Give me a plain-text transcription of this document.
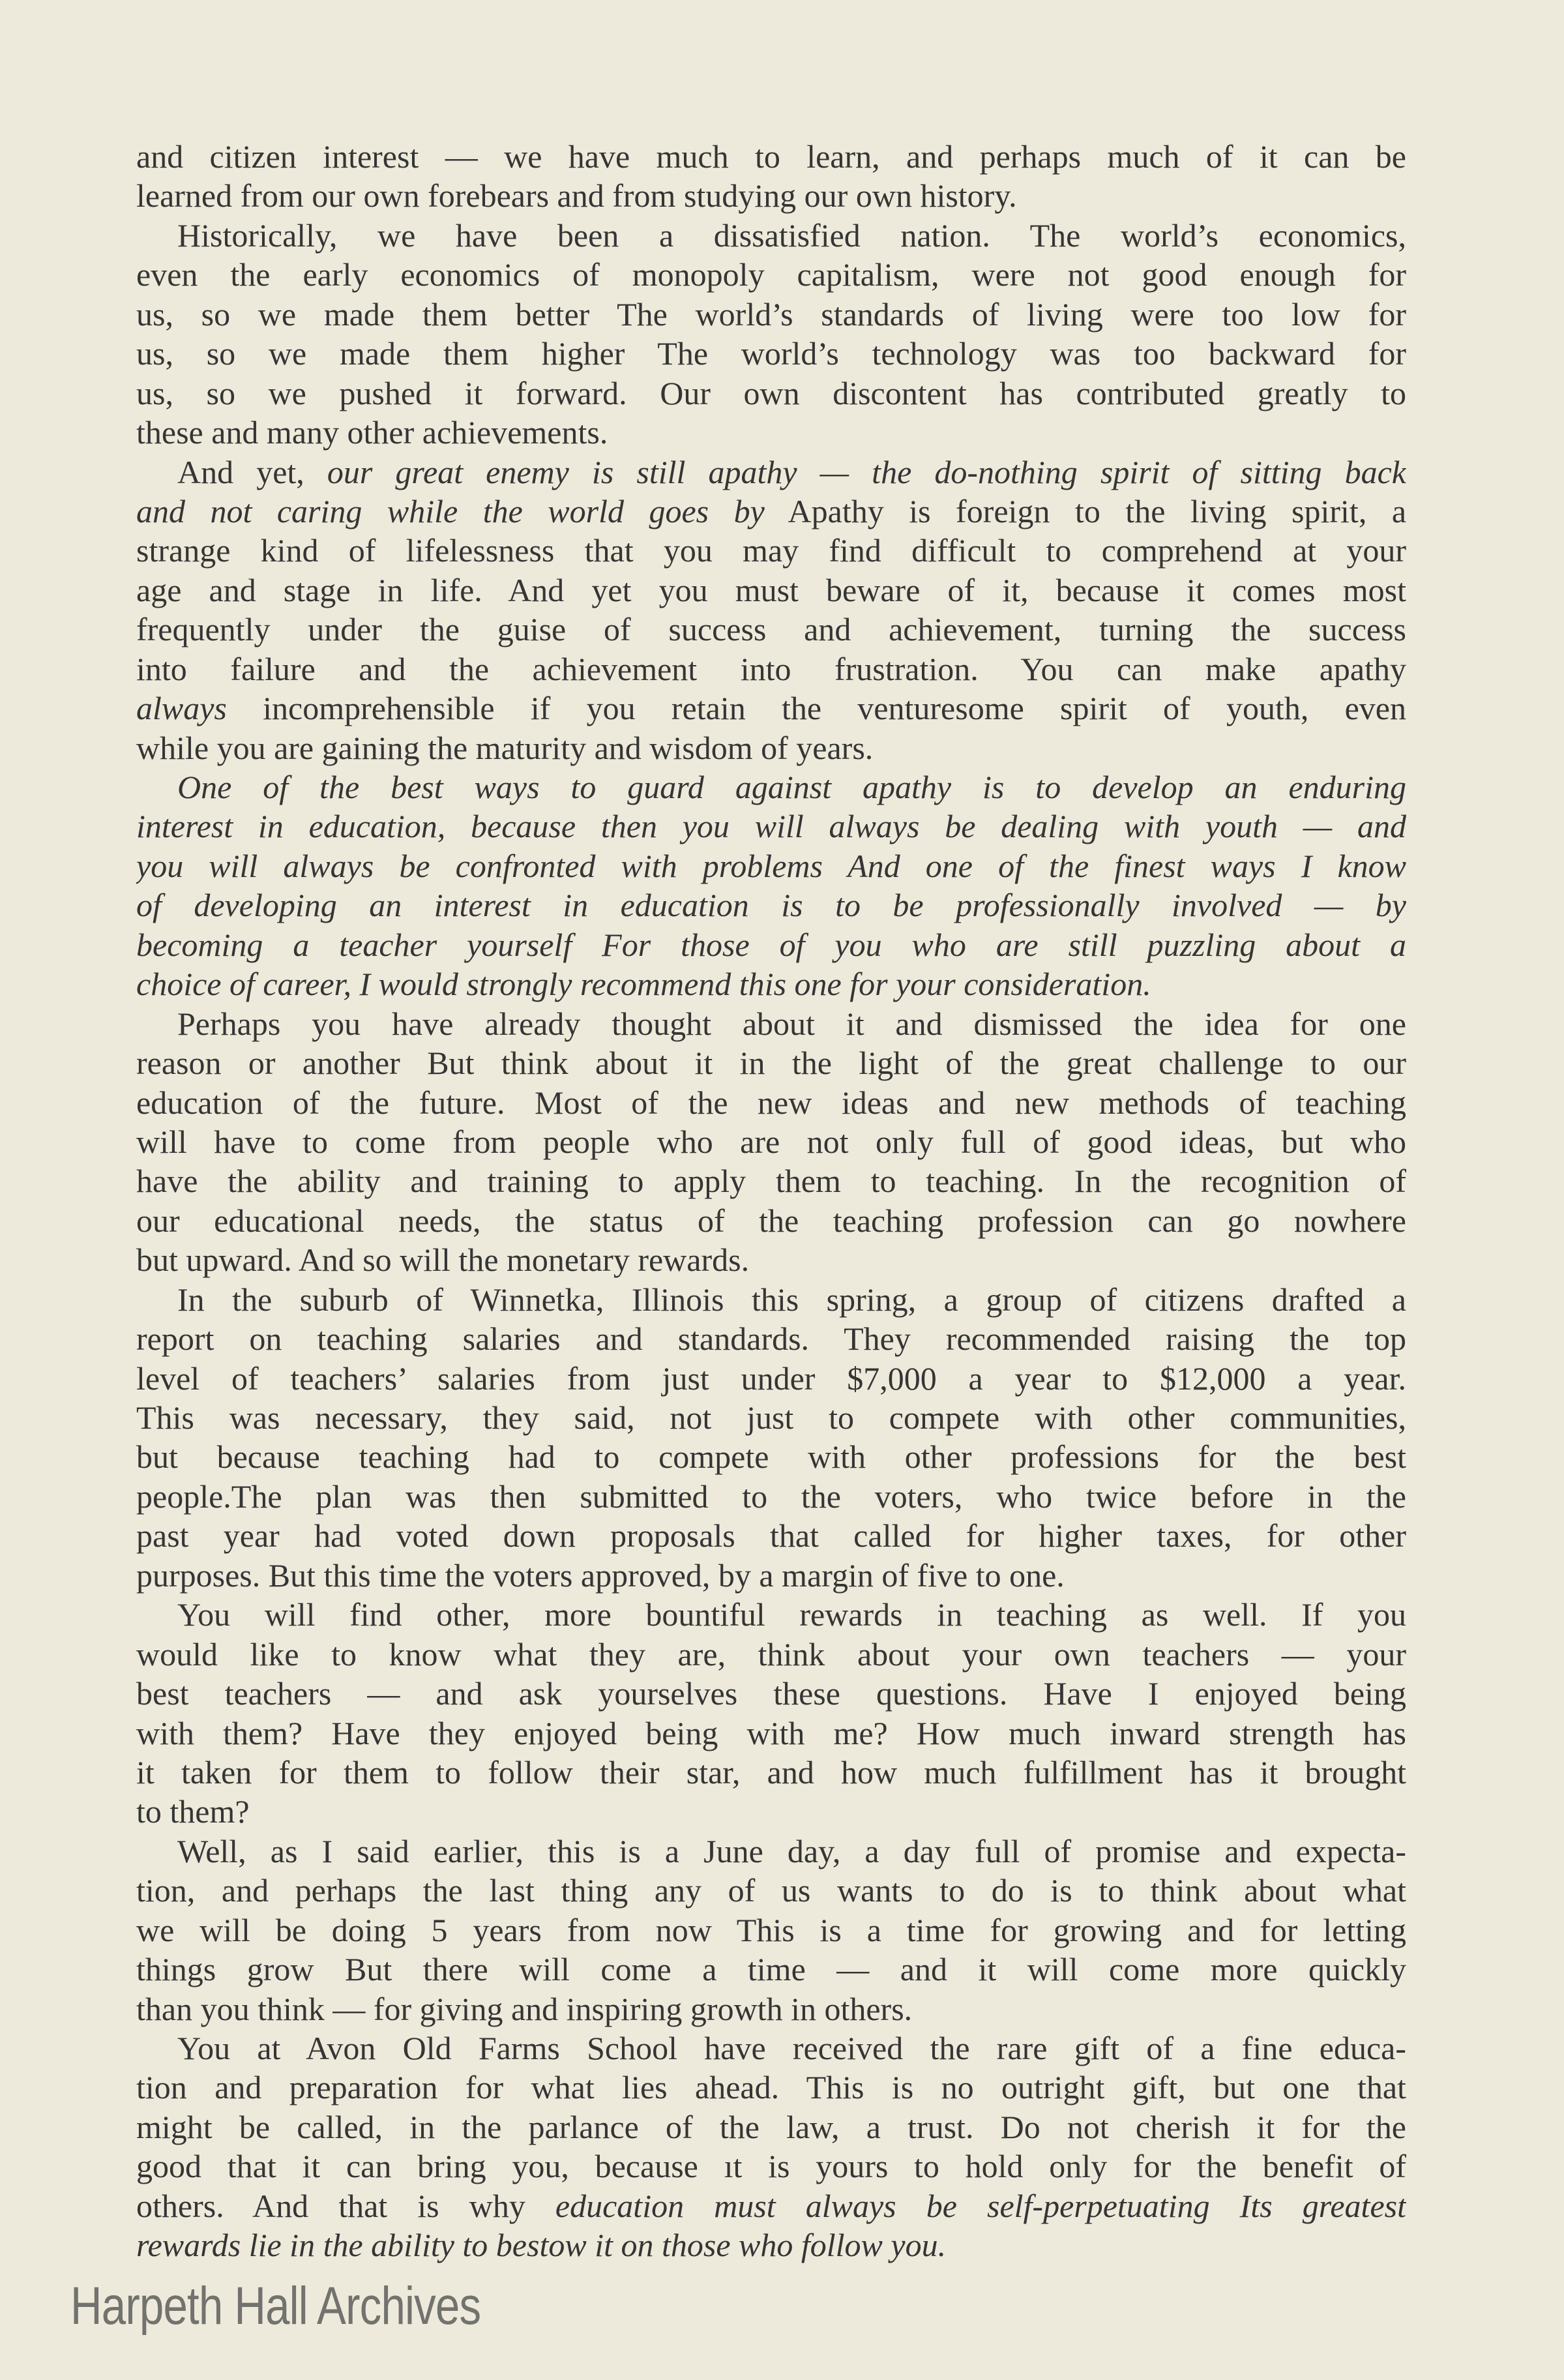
and citizen interest — we have much to learn, and perhaps much of it can be
learned from our own forebears and from studying our own history.
Historically, we have been a dissatisfied nation. The world’s economics,
even the early economics of monopoly capitalism, were not good enough for
us, so we made them better The world’s standards of living were too low for
us, so we made them higher The world’s technology was too backward for
us, so we pushed it forward. Our own discontent has contributed greatly to
these and many other achievements.
And yet, our great enemy is still apathy — the do-nothing spirit of sitting back
and not caring while the world goes by Apathy is foreign to the living spirit, a
strange kind of lifelessness that you may find difficult to comprehend at your
age and stage in life. And yet you must beware of it, because it comes most
frequently under the guise of success and achievement, turning the success
into failure and the achievement into frustration. You can make apathy
always incomprehensible if you retain the venturesome spirit of youth, even
while you are gaining the maturity and wisdom of years.
One of the best ways to guard against apathy is to develop an enduring
interest in education, because then you will always be dealing with youth — and
you will always be confronted with problems And one of the finest ways I know
of developing an interest in education is to be professionally involved — by
becoming a teacher yourself For those of you who are still puzzling about a
choice of career, I would strongly recommend this one for your consideration.
Perhaps you have already thought about it and dismissed the idea for one
reason or another But think about it in the light of the great challenge to our
education of the future. Most of the new ideas and new methods of teaching
will have to come from people who are not only full of good ideas, but who
have the ability and training to apply them to teaching. In the recognition of
our educational needs, the status of the teaching profession can go nowhere
but upward. And so will the monetary rewards.
In the suburb of Winnetka, Illinois this spring, a group of citizens drafted a
report on teaching salaries and standards. They recommended raising the top
level of teachers’ salaries from just under $7,000 a year to $12,000 a year.
This was necessary, they said, not just to compete with other communities,
but because teaching had to compete with other professions for the best
people.The plan was then submitted to the voters, who twice before in the
past year had voted down proposals that called for higher taxes, for other
purposes. But this time the voters approved, by a margin of five to one.
You will find other, more bountiful rewards in teaching as well. If you
would like to know what they are, think about your own teachers — your
best teachers — and ask yourselves these questions. Have I enjoyed being
with them? Have they enjoyed being with me? How much inward strength has
it taken for them to follow their star, and how much fulfillment has it brought
to them?
Well, as I said earlier, this is a June day, a day full of promise and expecta-
tion, and perhaps the last thing any of us wants to do is to think about what
we will be doing 5 years from now This is a time for growing and for letting
things grow But there will come a time — and it will come more quickly
than you think — for giving and inspiring growth in others.
You at Avon Old Farms School have received the rare gift of a fine educa-
tion and preparation for what lies ahead. This is no outright gift, but one that
might be called, in the parlance of the law, a trust. Do not cherish it for the
good that it can bring you, because ıt is yours to hold only for the benefit of
others. And that is why education must always be self-perpetuating Its greatest
rewards lie in the ability to bestow it on those who follow you.
Harpeth Hall Archives
